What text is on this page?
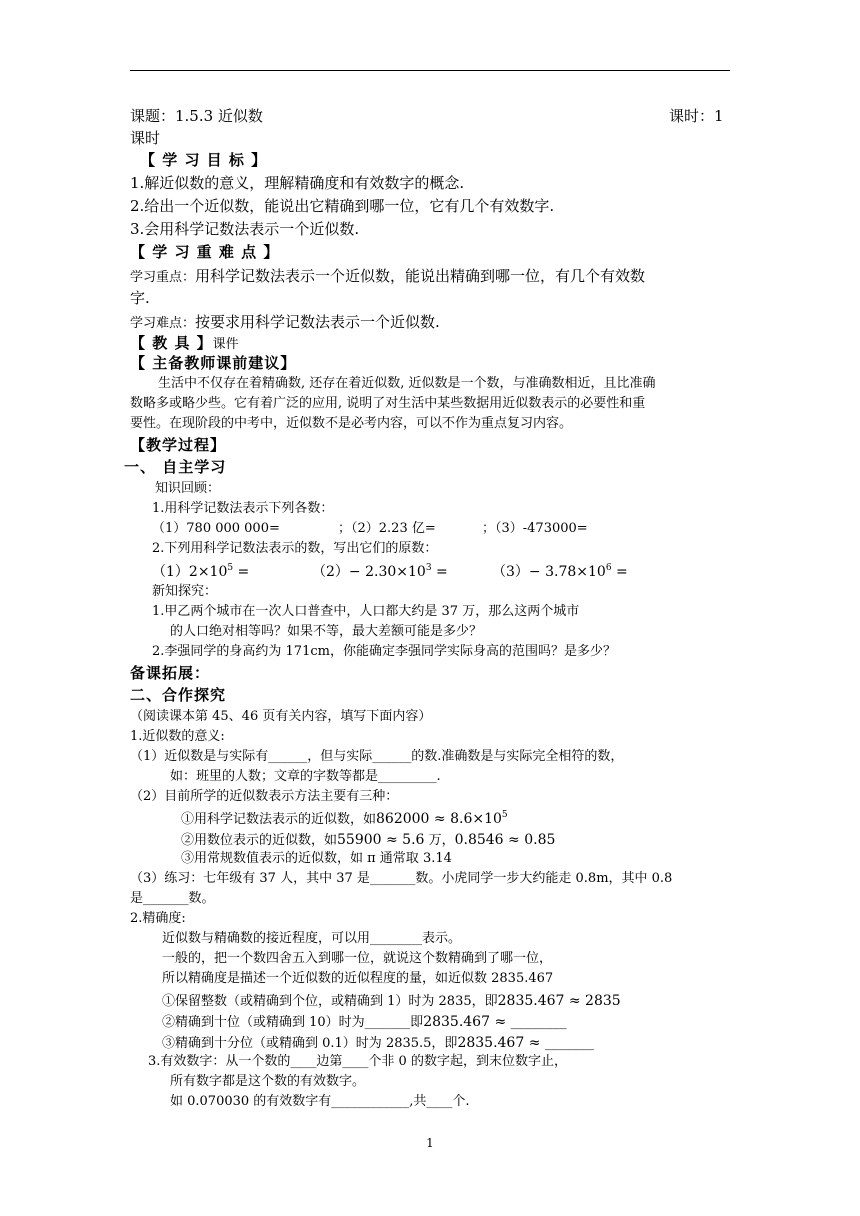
课题：1.5.3 近似数	课时：1
课时
【 学 习 目 标 】
1.解近似数的意义，理解精确度和有效数字的概念.
2.给出一个近似数，能说出它精确到哪一位，它有几个有效数字.
3.会用科学记数法表示一个近似数.
【 学 习 重 难 点 】
学习重点：用科学记数法表示一个近似数，能说出精确到哪一位，有几个有效数
字.
学习难点：按要求用科学记数法表示一个近似数.
【 教 具 】课件
【 主备教师课前建议】
生活中不仅存在着精确数, 还存在着近似数, 近似数是一个数，与准确数相近，且比准确
数略多或略少些。它有着广泛的应用, 说明了对生活中某些数据用近似数表示的必要性和重
要性。在现阶段的中考中，近似数不是必考内容，可以不作为重点复习内容。
【教学过程】
一、 自主学习
知识回顾：
1.用科学记数法表示下列各数：
（1）780 000 000=	；（2）2.23 亿=	；（3）-473000=
2.下列用科学记数法表示的数，写出它们的原数：
$(1)2\times 10^5$ =	$(2)- 2.30\times 10^3$ =	$(3)- 3.78\times 10^6$ =
新知探究：
1.甲乙两个城市在一次人口普查中，人口都大约是 37 万，那么这两个城市
的人口绝对相等吗？如果不等，最大差额可能是多少？
2.李强同学的身高约为 171cm，你能确定李强同学实际身高的范围吗？是多少？
备课拓展：
二、合作探究
（阅读课本第 45、46 页有关内容，填写下面内容）
1.近似数的意义:
（1）近似数是与实际有______，但与实际______的数.准确数是与实际完全相符的数，
如：班里的人数；文章的字数等都是_________.
（2）目前所学的近似数表示方法主要有三种：
①用科学记数法表示的近似数，如$862000 \approx 8.6\times 10^5$
②用数位表示的近似数，如55900 ≈ 5.6 万，0.8546 ≈ 0.85
③用常规数值表示的近似数，如 π 通常取 3.14
（3）练习：七年级有 37 人，其中 37 是_______数。小虎同学一步大约能走 0.8m，其中 0.8
是_______数。
2.精确度:
近似数与精确数的接近程度，可以用________表示。
一般的，把一个数四舍五入到哪一位，就说这个数精确到了哪一位，
所以精确度是描述一个近似数的近似程度的量，如近似数 2835.467
①保留整数（或精确到个位，或精确到 1）时为 2835，即2835.467 ≈ 2835
②精确到十位（或精确到 10）时为_______即2835.467 ≈ ________
③精确到十分位（或精确到 0.1）时为 2835.5，即2835.467 ≈ _______
3.有效数字：从一个数的____边第____个非 0 的数字起，到末位数字止，
所有数字都是这个数的有效数字。
如 0.070030 的有效数字有____________,共____个.
1
